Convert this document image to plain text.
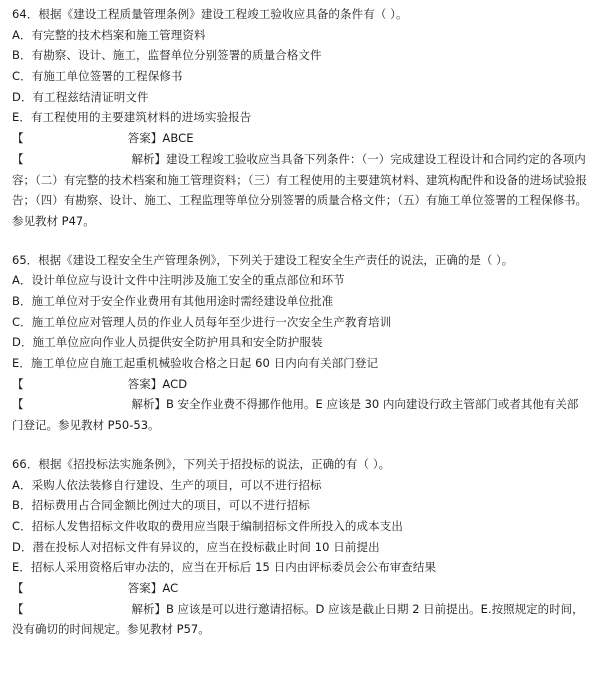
64．根据《建设工程质量管理条例》建设工程竣工验收应具备的条件有（ ）。
A．有完整的技术档案和施工管理资料
B．有勘察、设计、施工，监督单位分别签署的质量合格文件
C．有施工单位签署的工程保修书
D．有工程兹结清证明文件
E．有工程使用的主要建筑材料的进场实验报告
【	答案】ABCE
【	解析】建设工程竣工验收应当具备下列条件：（一）完成建设工程设计和合同约定的各项内容；（二）有完整的技术档案和施工管理资料；（三）有工程使用的主要建筑材料、建筑构配件和设备的进场试验报告；（四）有勘察、设计、施工、工程监理等单位分别签署的质量合格文件；（五）有施工单位签署的工程保修书。参见教材 P47。
65．根据《建设工程安全生产管理条例》，下列关于建设工程安全生产责任的说法，正确的是（ ）。
A．设计单位应与设计文件中注明涉及施工安全的重点部位和环节
B．施工单位对于安全作业费用有其他用途时需经建设单位批准
C．施工单位应对管理人员的作业人员每年至少进行一次安全生产教育培训
D．施工单位应向作业人员提供安全防护用具和安全防护服装
E．施工单位应自施工起重机械验收合格之日起 60 日内向有关部门登记
【	答案】ACD
【	解析】B 安全作业费不得挪作他用。E 应该是 30 内向建设行政主管部门或者其他有关部门登记。参见教材 P50-53。
66．根据《招投标法实施条例》，下列关于招投标的说法，正确的有（ ）。
A．采购人依法装修自行建设、生产的项目，可以不进行招标
B．招标费用占合同金额比例过大的项目，可以不进行招标
C．招标人发售招标文件收取的费用应当限于编制招标文件所投入的成本支出
D．潜在投标人对招标文件有异议的，应当在投标截止时间 10 日前提出
E．招标人采用资格后审办法的，应当在开标后 15 日内由评标委员会公布审查结果
【	答案】AC
【	解析】B 应该是可以进行邀请招标。D 应该是截止日期 2 日前提出。E.按照规定的时间，没有确切的时间规定。参见教材 P57。
